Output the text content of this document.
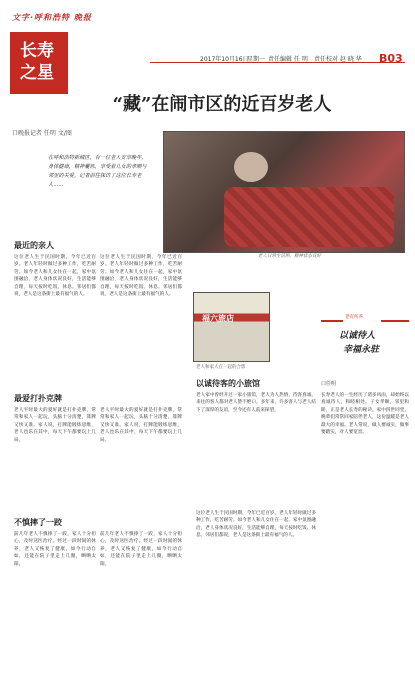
文字·呼和浩特 晚报
长寿
之星
2017年10月16日
星期一 责任编辑 任 明 责任校对 赵 晓 华 B03
“藏”在闹市区的近百岁老人
口晚报记者 任明 文/图
在呼和浩特新城区，有一位老人安享晚年，身体健康，精神矍铄，享受着儿女的孝顺与邻里的关爱。记者前往探访了这位长寿老人……
老人日常生活照，精神状态良好
最近的亲人
这位老人生于民国时期，今年已近百岁。老人年轻时做过多种工作，吃苦耐劳。如今老人和儿女住在一起，家中氛围融洽，老人身体状况良好，生活能够自理，每天按时吃饭、休息。邻居们都说，老人是这条街上最有福气的人。
这位老人生于民国时期，今年已近百岁。老人年轻时做过多种工作，吃苦耐劳。如今老人和儿女住在一起，家中氛围融洽，老人身体状况良好，生活能够自理，每天按时吃饭、休息。邻居们都说，老人是这条街上最有福气的人。
最爱打扑克牌
老人平时最大的爱好就是打扑克牌，常常和家人一起玩，头脑十分清楚，算牌又快又准。家人说，打牌能锻炼思维，老人也乐在其中，每天下午都要玩上几局。
老人平时最大的爱好就是打扑克牌，常常和家人一起玩，头脑十分清楚，算牌又快又准。家人说，打牌能锻炼思维，老人也乐在其中，每天下午都要玩上几局。
不慎摔了一跤
前几年老人不慎摔了一跤，家人十分担心，及时送医治疗。经过一段时间的休养，老人又恢复了健康，如今行动自如，还能在院子里走上几圈，晒晒太阳。
前几年老人不慎摔了一跤，家人十分担心，及时送医治疗。经过一段时间的休养，老人又恢复了健康，如今行动自如，还能在院子里走上几圈，晒晒太阳。
福六旅店
老人和家人在一起的合影
以诚待客的小旅馆
老人家中曾经开过一家小旅馆，老人为人热情，待客真诚，来往的客人都对老人赞不绝口。多年来，许多客人与老人结下了深厚的友谊，至今还有人前来探望。
这位老人生于民国时期，今年已近百岁。老人年轻时做过多种工作，吃苦耐劳。如今老人和儿女住在一起，家中氛围融洽，老人身体状况良好，生活能够自理，每天按时吃饭、休息。邻居们都说，老人是这条街上最有福气的人。
老有所养
以诚待人
幸福永驻
口任明
长寿老人的一生经历了诸多风雨，却始终以真诚待人，和睦相处。子女孝顺，邻里和睦，正是老人长寿的秘诀。家中四世同堂，晚辈们常常回家陪伴老人，这份温暖是老人最大的幸福。老人常说，做人要诚实，做事要踏实，对人要宽容。
